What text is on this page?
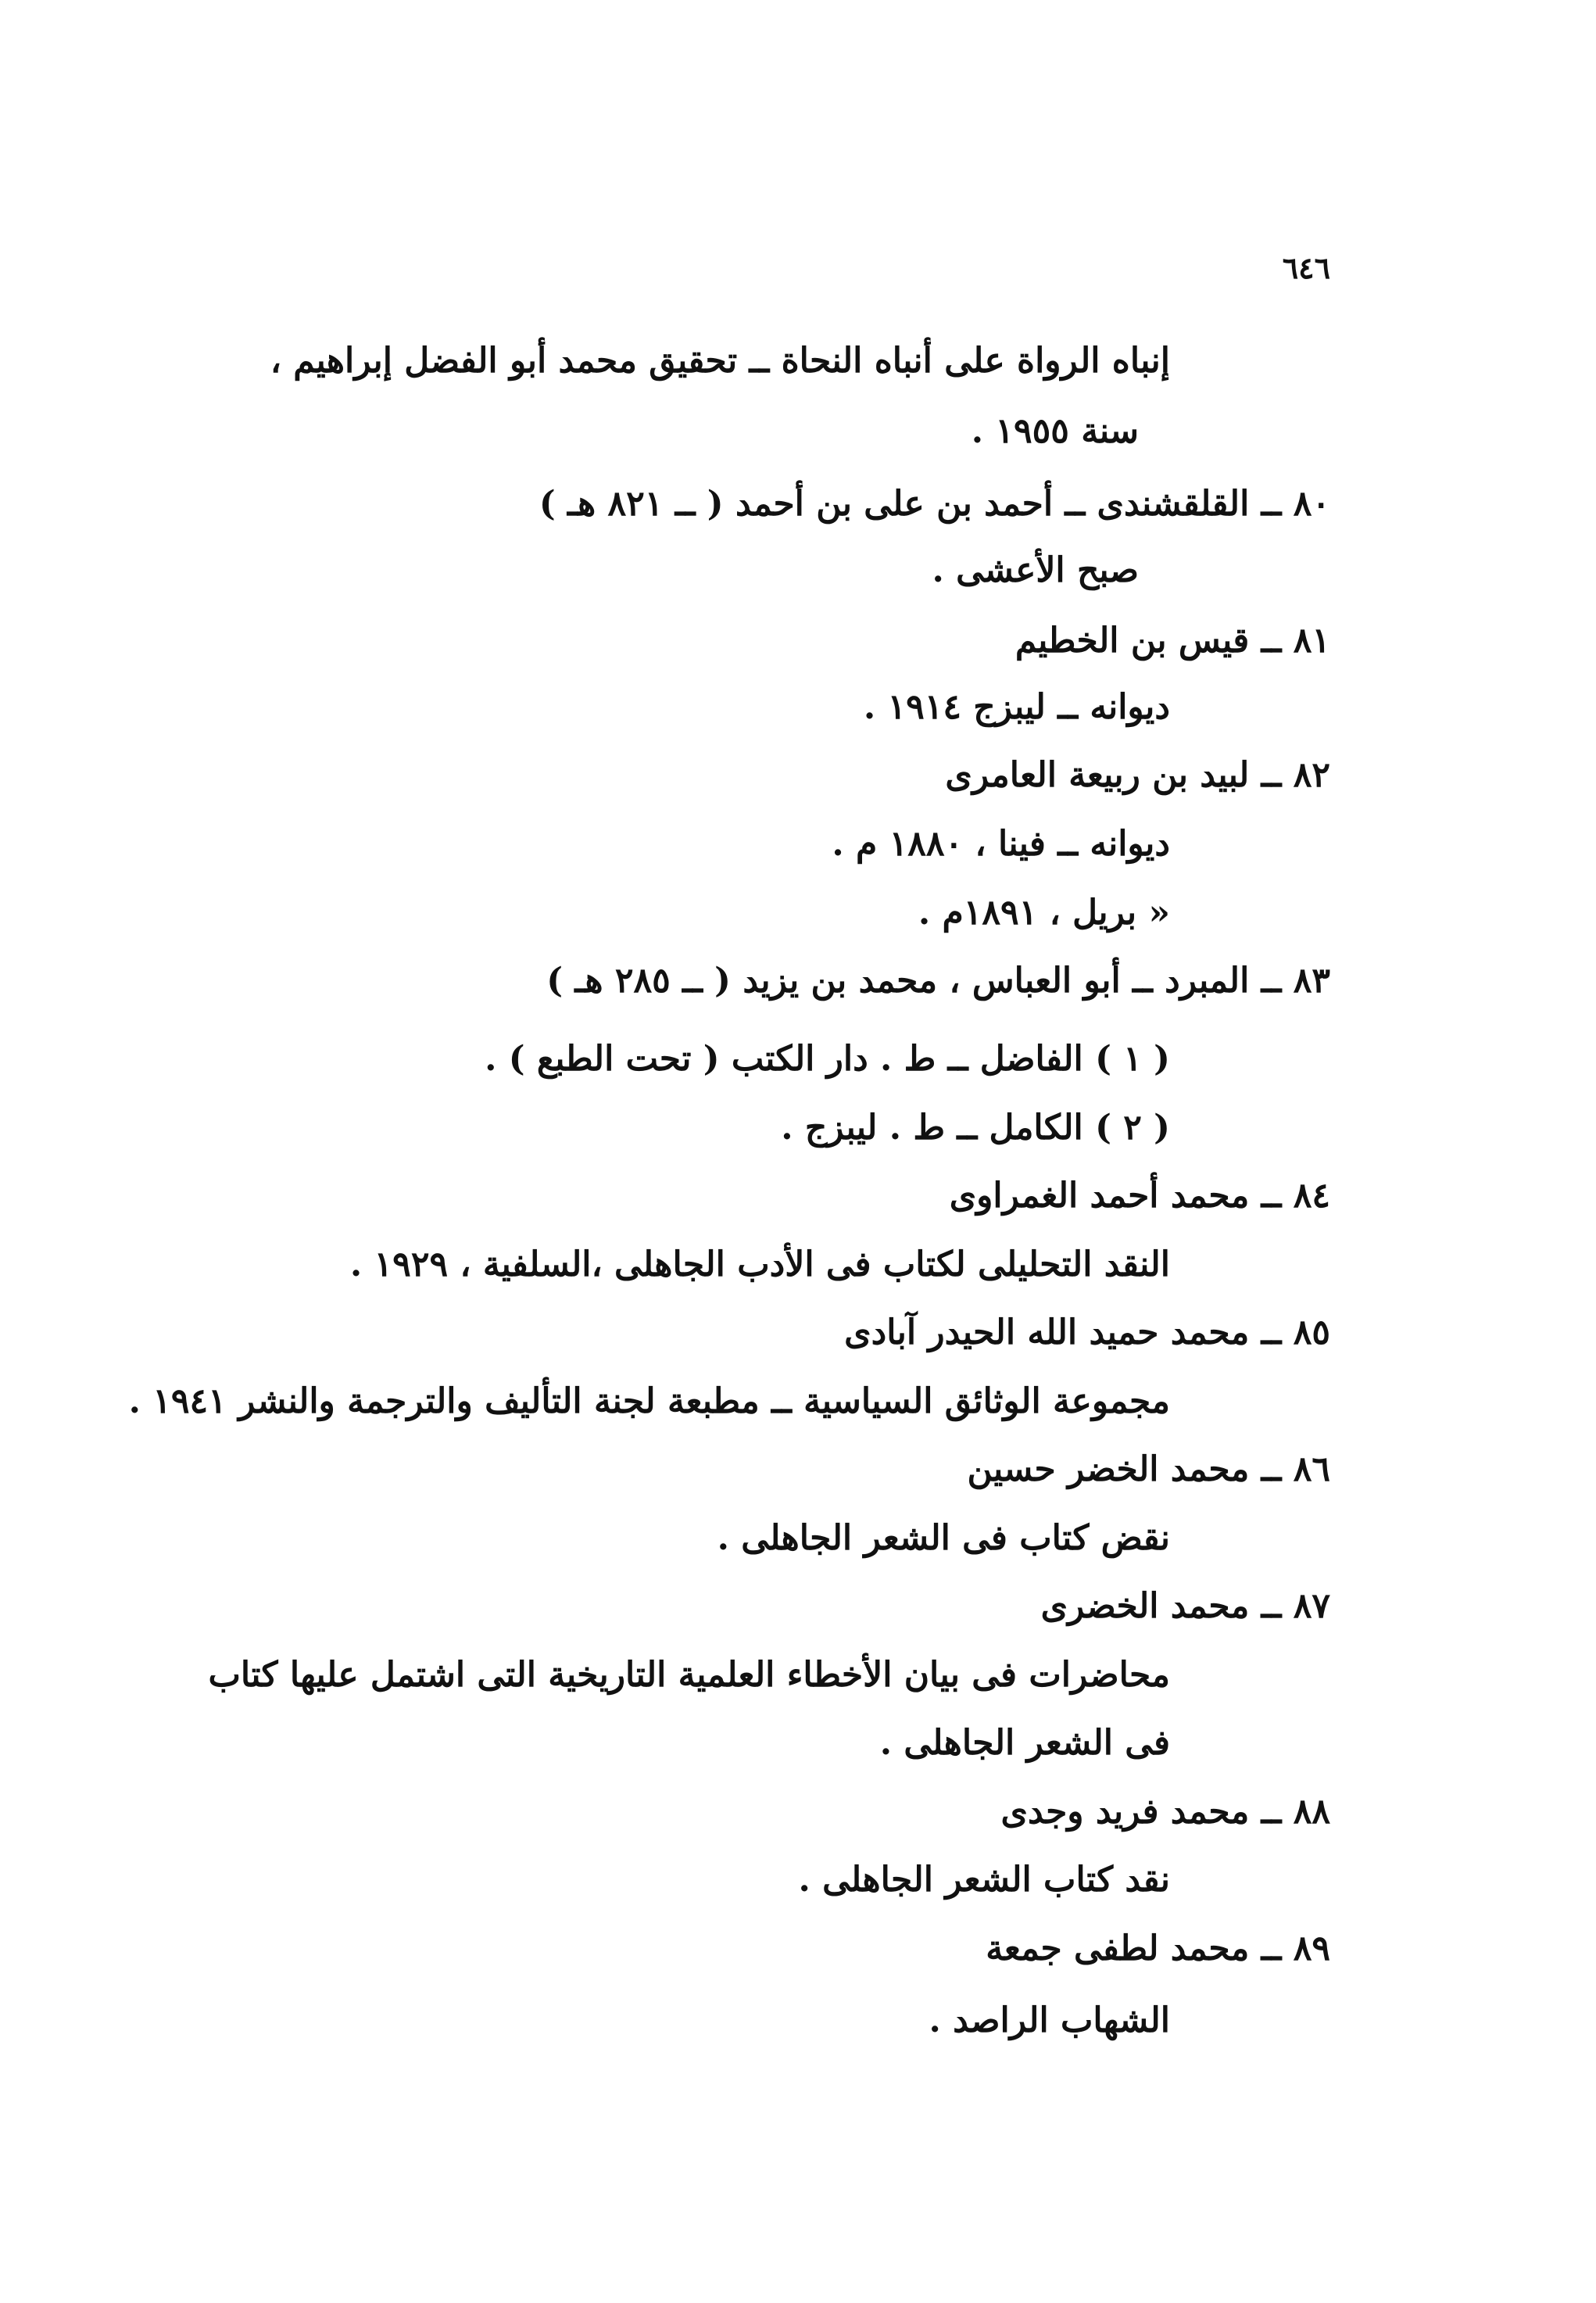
٦٤٦
إنباه الرواة على أنباه النحاة ــ تحقيق محمد أبو الفضل إبراهيم ،
سنة ١٩٥٥ .
٨٠ ــ القلقشندى ــ أحمد بن على بن أحمد ( ــ ٨٢١ هـ )
صبح الأعشى .
٨١ ــ قيس بن الخطيم
ديوانه ــ ليبزج ١٩١٤ .
٨٢ ــ لبيد بن ربيعة العامرى
ديوانه ــ فينا ، ١٨٨٠ م .
« بريل ، ١٨٩١م .
٨٣ ــ المبرد ــ أبو العباس ، محمد بن يزيد ( ــ ٢٨٥ هـ )
( ١ ) الفاضل ــ ط . دار الكتب ( تحت الطبع ) .
( ٢ ) الكامل ــ ط . ليبزج .
٨٤ ــ محمد أحمد الغمراوى
النقد التحليلى لكتاب فى الأدب الجاهلى ،السلفية ، ١٩٢٩ .
٨٥ ــ محمد حميد الله الحيدر آبادى
مجموعة الوثائق السياسية ــ مطبعة لجنة التأليف والترجمة والنشر ١٩٤١ .
٨٦ ــ محمد الخضر حسين
نقض كتاب فى الشعر الجاهلى .
٨٧ ــ محمد الخضرى
محاضرات فى بيان الأخطاء العلمية التاريخية التى اشتمل عليها كتاب
فى الشعر الجاهلى .
٨٨ ــ محمد فريد وجدى
نقد كتاب الشعر الجاهلى .
٨٩ ــ محمد لطفى جمعة
الشهاب الراصد .
